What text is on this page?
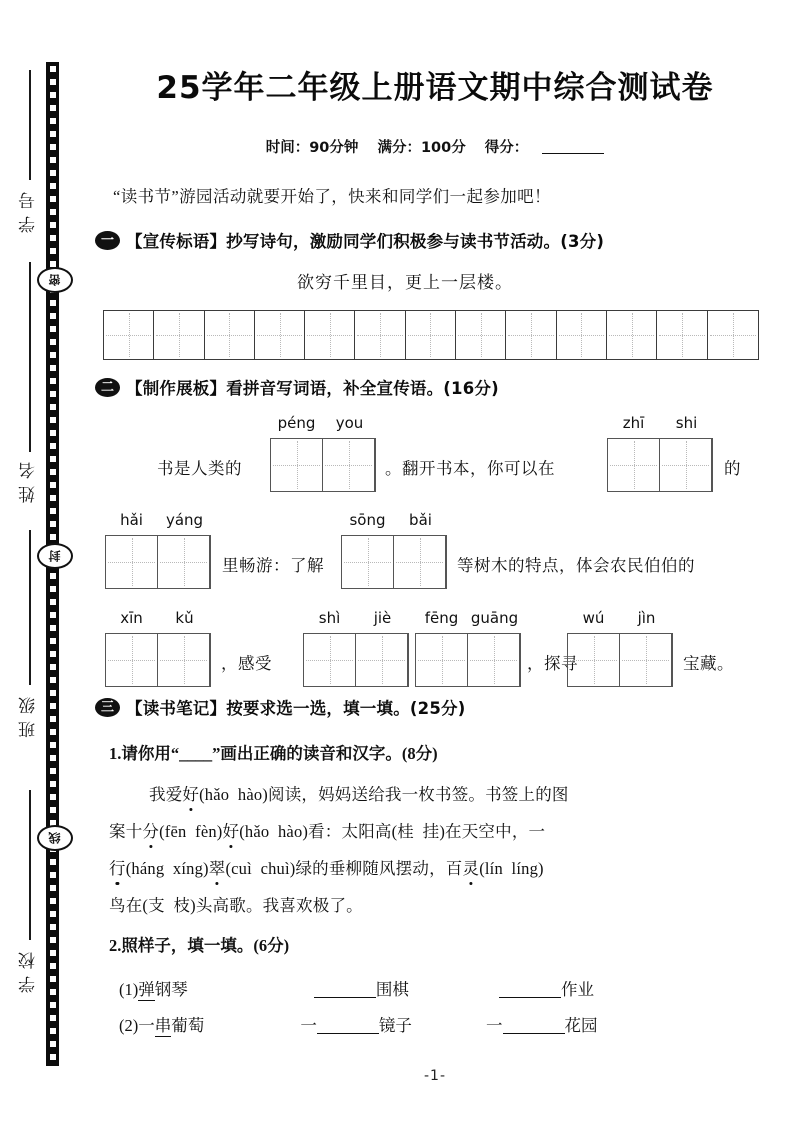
学号
姓名
班级
学校
密
封
线
25学年二年级上册语文期中综合测试卷
时间：90分钟 满分：100分 得分：
“读书节”游园活动就要开始了，快来和同学们一起参加吧！
一 【宣传标语】抄写诗句，激励同学们积极参与读书节活动。(3分)
欲穷千里目，更上一层楼。
二 【制作展板】看拼音写词语，补全宣传语。(16分)
书是人类的
péng	you
。翻开书本，你可以在
zhī	shi
的
hǎi	yáng
里畅游：了解
sōng	bǎi
等树木的特点，体会农民伯伯的
xīn	kǔ
，感受
shì	jiè	fēng guāng
，探寻
wú	jìn
宝藏。
三 【读书笔记】按要求选一选，填一填。(25分)
1.请你用“____”画出正确的读音和汉字。(8分)
我爱好(hǎo  hào)阅读，妈妈送给我一枚书签。书签上的图
案十分(fēn  fèn)好(hǎo  hào)看：太阳高(桂  挂)在天空中，一
行(háng  xíng)翠(cuì  chuì)绿的垂柳随风摆动，百灵(lín  líng)
鸟在(支  枝)头高歌。我喜欢极了。
2.照样子，填一填。(6分)
(1)弹钢琴	围棋	作业
(2)一串葡萄	一	镜子	一	花园
-1-
